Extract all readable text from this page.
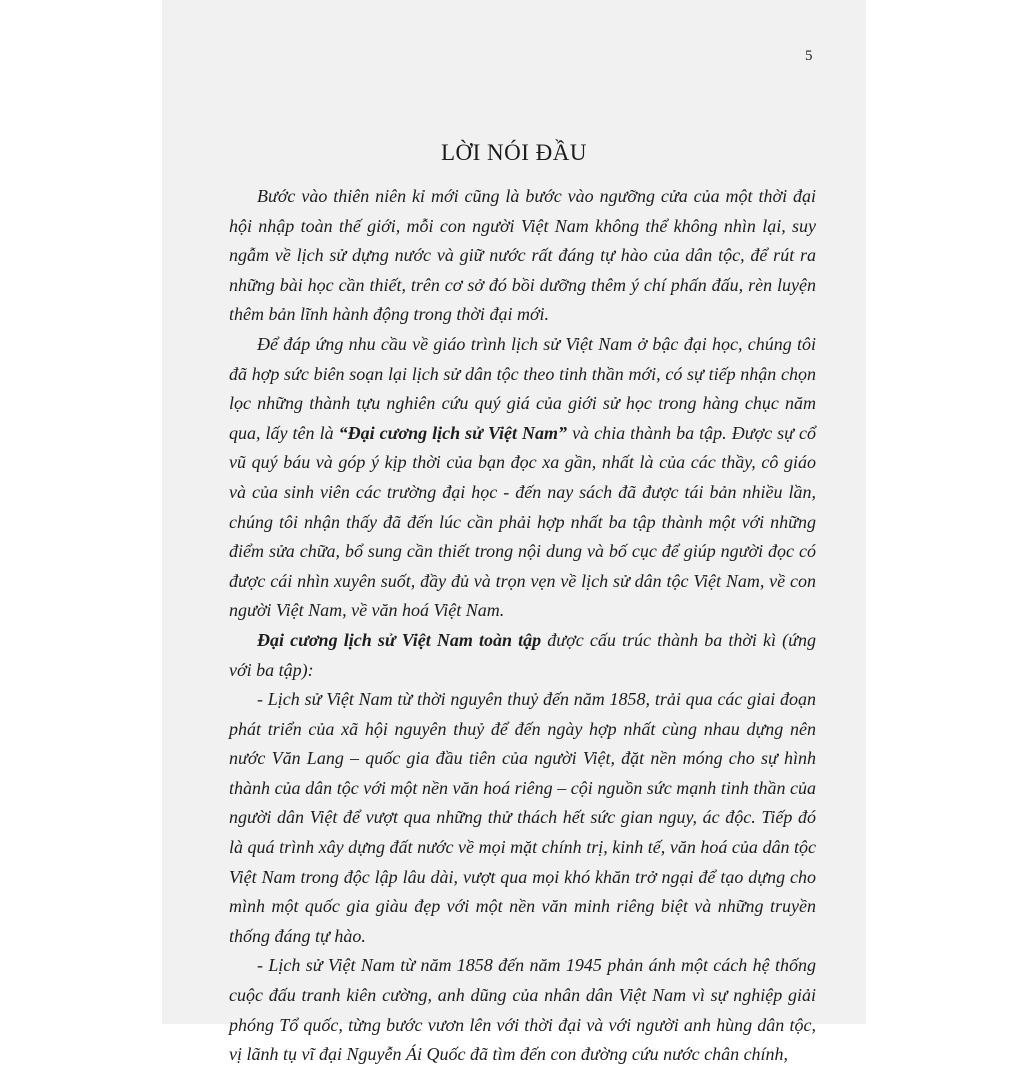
5
LỜI NÓI ĐẦU

Bước vào thiên niên kỉ mới cũng là bước vào ngưỡng cửa của một thời đại hội nhập toàn thế giới, mỗi con người Việt Nam không thể không nhìn lại, suy ngẫm về lịch sử dựng nước và giữ nước rất đáng tự hào của dân tộc, để rút ra những bài học cần thiết, trên cơ sở đó bồi dưỡng thêm ý chí phấn đấu, rèn luyện thêm bản lĩnh hành động trong thời đại mới.

Để đáp ứng nhu cầu về giáo trình lịch sử Việt Nam ở bậc đại học, chúng tôi đã hợp sức biên soạn lại lịch sử dân tộc theo tinh thần mới, có sự tiếp nhận chọn lọc những thành tựu nghiên cứu quý giá của giới sử học trong hàng chục năm qua, lấy tên là “Đại cương lịch sử Việt Nam” và chia thành ba tập. Được sự cổ vũ quý báu và góp ý kịp thời của bạn đọc xa gần, nhất là của các thầy, cô giáo và của sinh viên các trường đại học - đến nay sách đã được tái bản nhiều lần, chúng tôi nhận thấy đã đến lúc cần phải hợp nhất ba tập thành một với những điểm sửa chữa, bổ sung cần thiết trong nội dung và bố cục để giúp người đọc có được cái nhìn xuyên suốt, đầy đủ và trọn vẹn về lịch sử dân tộc Việt Nam, về con người Việt Nam, về văn hoá Việt Nam.

Đại cương lịch sử Việt Nam toàn tập được cấu trúc thành ba thời kì (ứng với ba tập):

- Lịch sử Việt Nam từ thời nguyên thuỷ đến năm 1858, trải qua các giai đoạn phát triển của xã hội nguyên thuỷ để đến ngày hợp nhất cùng nhau dựng nên nước Văn Lang – quốc gia đầu tiên của người Việt, đặt nền móng cho sự hình thành của dân tộc với một nền văn hoá riêng – cội nguồn sức mạnh tinh thần của người dân Việt để vượt qua những thử thách hết sức gian nguy, ác độc. Tiếp đó là quá trình xây dựng đất nước về mọi mặt chính trị, kinh tế, văn hoá của dân tộc Việt Nam trong độc lập lâu dài, vượt qua mọi khó khăn trở ngại để tạo dựng cho mình một quốc gia giàu đẹp với một nền văn minh riêng biệt và những truyền thống đáng tự hào.

- Lịch sử Việt Nam từ năm 1858 đến năm 1945 phản ánh một cách hệ thống cuộc đấu tranh kiên cường, anh dũng của nhân dân Việt Nam vì sự nghiệp giải phóng Tổ quốc, từng bước vươn lên với thời đại và với người anh hùng dân tộc, vị lãnh tụ vĩ đại Nguyễn Ái Quốc đã tìm đến con đường cứu nước chân chính,
